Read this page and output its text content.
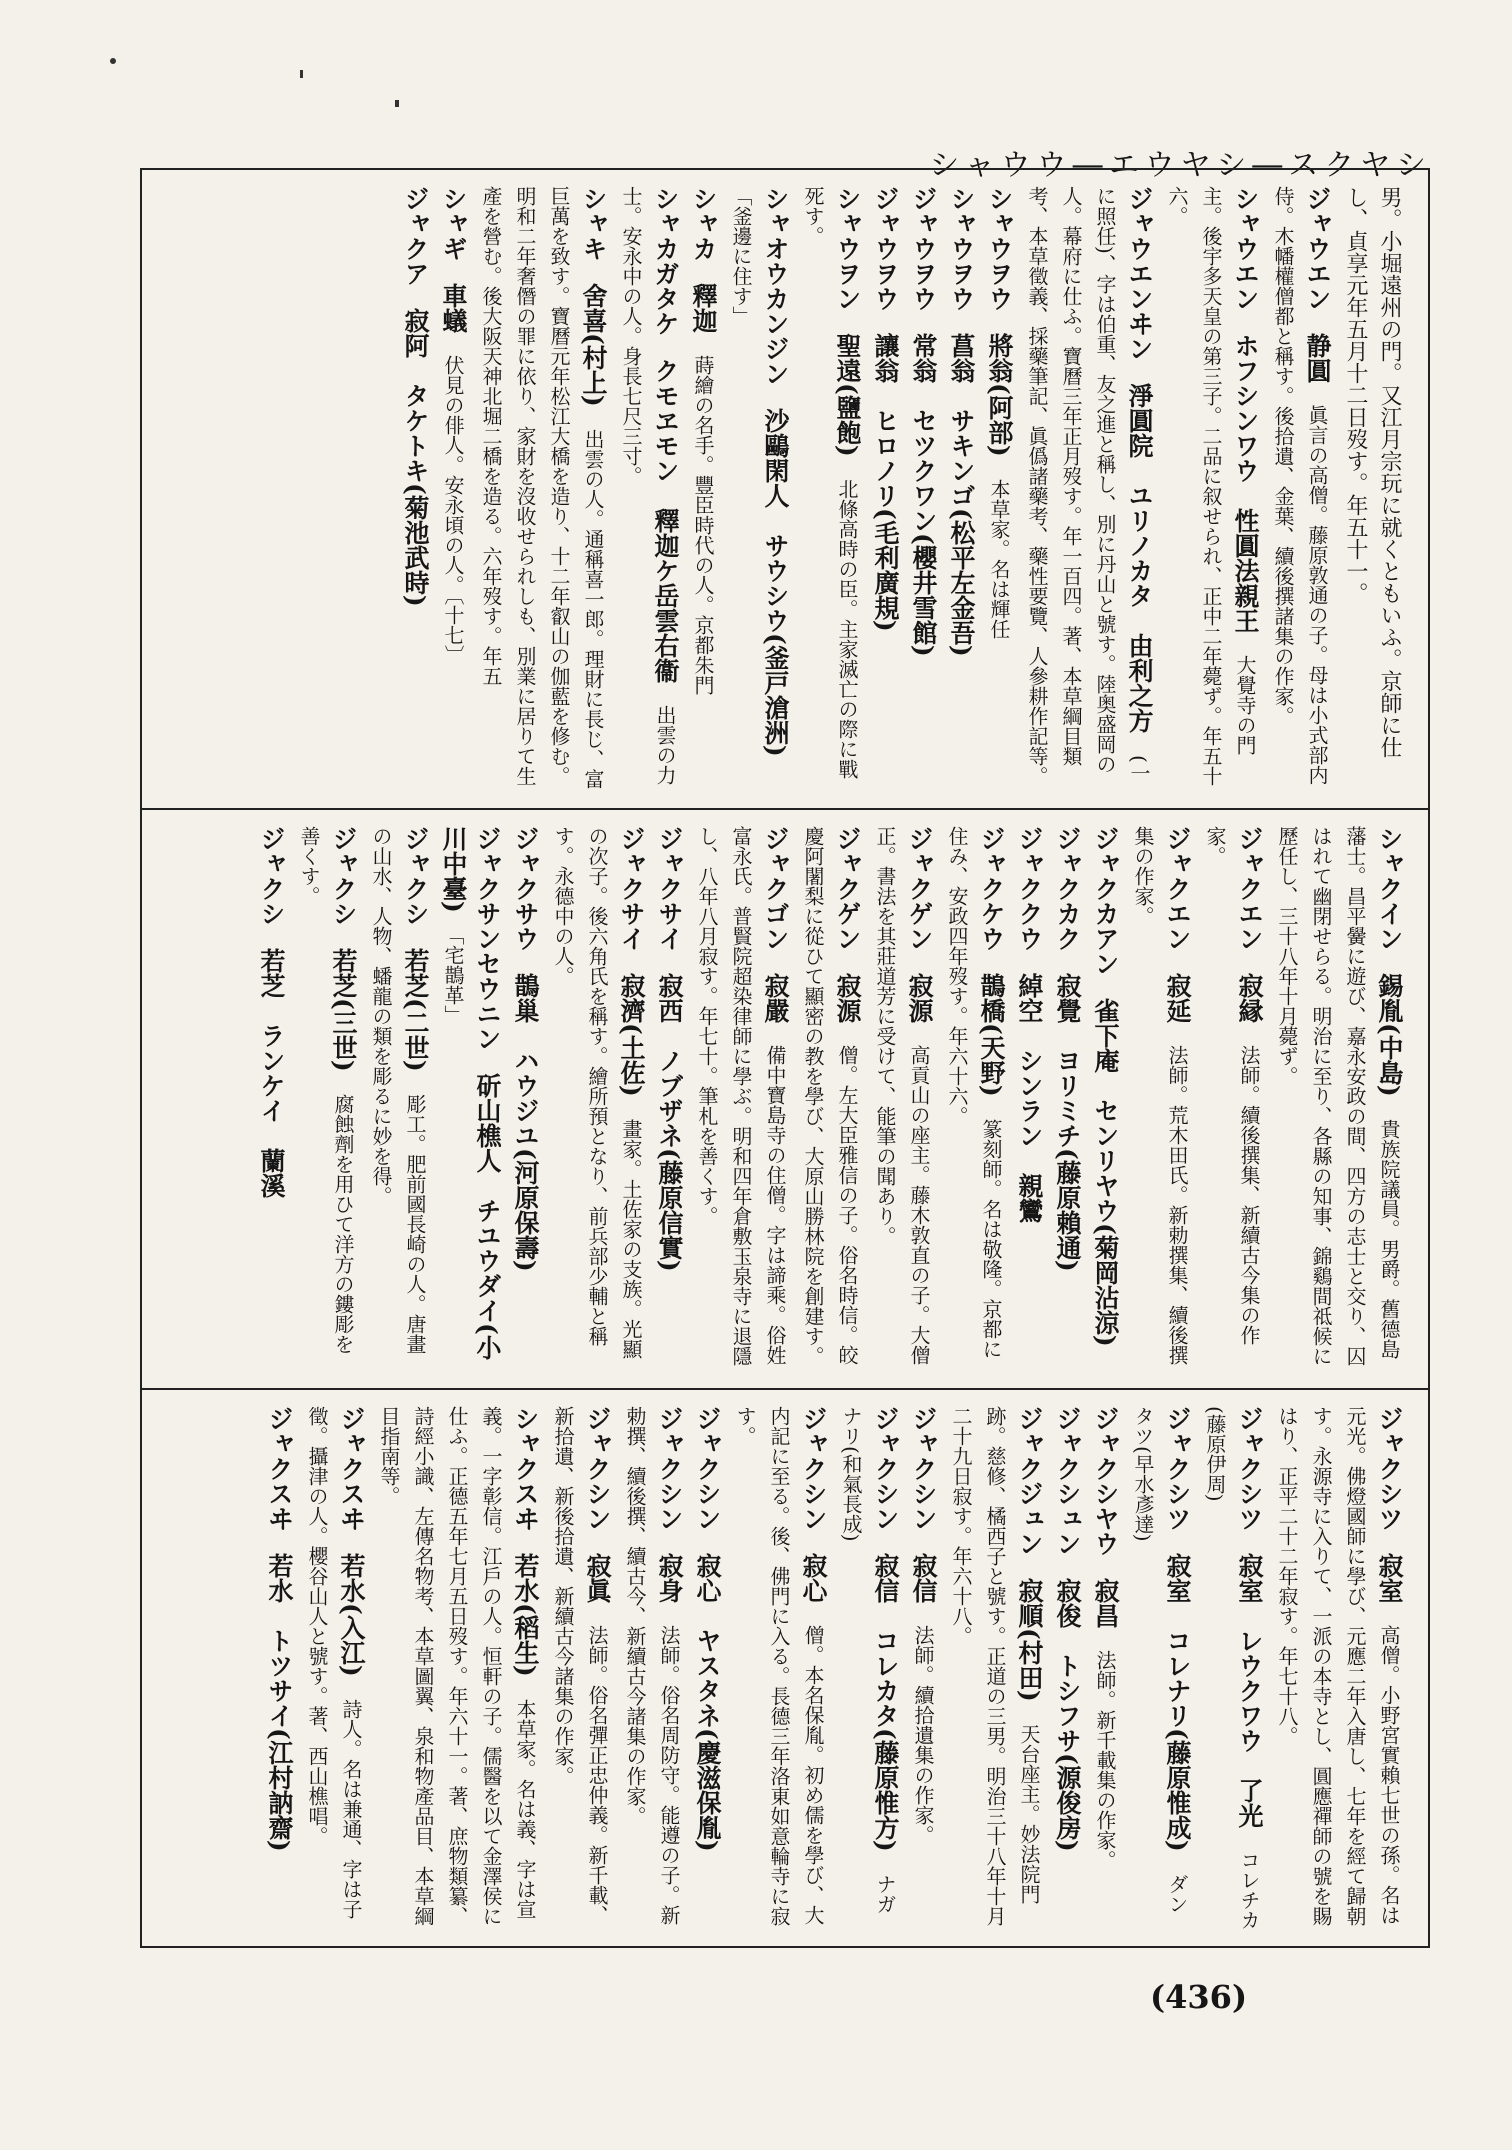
シャウウ―エウヤシ―スクヤシ
男。小堀遠州の門。又江月宗玩に就くともいふ。京師に仕し、貞享元年五月十二日歿す。年五十一。
ジャウエン　静圓　眞言の高僧。藤原敦通の子。母は小式部内侍。木幡權僧都と稱す。後拾遺、金葉、續後撰諸集の作家。
シャウエン　ホフシンワウ　性圓法親王　大覺寺の門主。後宇多天皇の第三子。二品に叙せられ、正中二年薨ず。年五十六。
ジャウエンヰン　淨圓院　ユリノカタ　由利之方　(一に照任)、字は伯重、友之進と稱し、別に丹山と號す。陸奥盛岡の人。幕府に仕ふ。寶曆三年正月歿す。年一百四。著、本草綱目類考、本草徵義、採藥筆記、眞僞諸藥考、藥性要覽、人參耕作記等。
シャウヲウ　將翁(阿部)　本草家。名は輝任
シャウヲウ　菖翁　サキンゴ(松平左金吾)　
ジャウヲウ　常翁　セツクワン(櫻井雪館)　
ジャウヲウ　讓翁　ヒロノリ(毛利廣規)　
シャウヲン　聖遠(鹽飽)　北條高時の臣。主家滅亡の際に戰死す。
シャオウカンジン　沙鷗閑人　サウシウ(釜戸滄洲)　「釜邊に住す」
シャカ　釋迦　蒔繪の名手。豐臣時代の人。京都朱門
シャカガタケ　クモヱモン　釋迦ケ岳雲右衞　出雲の力士。安永中の人。身長七尺三寸。
シャキ　舍喜(村上)　出雲の人。通稱喜一郎。理財に長じ、富巨萬を致す。寶曆元年松江大橋を造り、十二年叡山の伽藍を修む。明和二年奢僭の罪に依り、家財を沒收せられしも、別業に居りて生產を營む。後大阪天神北堀二橋を造る。六年歿す。年五
シャギ　車蟻　伏見の俳人。安永頃の人。〔十七〕
ジャクア　寂阿　タケトキ(菊池武時)　
シャクイン　錫胤(中島)　貴族院議員。男爵。舊德島藩士。昌平黌に遊び、嘉永安政の間、四方の志士と交り、囚はれて幽閉せらる。明治に至り、各縣の知事、錦鷄間祗候に歷任し、三十八年十月薨ず。
ジャクエン　寂縁　法師。續後撰集、新續古今集の作家。
ジャクエン　寂延　法師。荒木田氏。新勅撰集、續後撰集の作家。
ジャクカアン　雀下庵　センリヤウ(菊岡沾涼)　
ジャクカク　寂覺　ヨリミチ(藤原賴通)　
ジャククウ　綽空　シンラン　親鸞　
ジャクケウ　鵲橋(天野)　篆刻師。名は敬隆。京都に住み、安政四年歿す。年六十六。
ジャクゲン　寂源　高貢山の座主。藤木敦直の子。大僧正。書法を其莊道芳に受けて、能筆の聞あり。
ジャクゲン　寂源　僧。左大臣雅信の子。俗名時信。皎慶阿闍梨に從ひて顯密の教を學び、大原山勝林院を創建す。
ジャクゴン　寂嚴　備中寶島寺の住僧。字は諦乘。俗姓富永氏。普賢院超染律師に學ぶ。明和四年倉敷玉泉寺に退隱し、八年八月寂す。年七十。筆札を善くす。
ジャクサイ　寂西　ノブザネ(藤原信實)　
ジャクサイ　寂濟(土佐)　畫家。土佐家の支族。光顯の次子。後六角氏を稱す。繪所預となり、前兵部少輔と稱す。永德中の人。
ジャクサウ　鵲巢　ハウジユ(河原保壽)　
ジャクサンセウニン　斫山樵人　チユウダイ(小川中臺)　「宅鵲革」
ジャクシ　若芝(二世)　彫工。肥前國長崎の人。唐畫の山水、人物、蟠龍の類を彫るに妙を得。
ジャクシ　若芝(三世)　腐蝕劑を用ひて洋方の鏤彫を善くす。
ジャクシ　若芝　ランケイ　蘭溪　
ジャクシツ　寂室　高僧。小野宮實賴七世の孫。名は元光。佛燈國師に學び、元應二年入唐し、七年を經て歸朝す。永源寺に入りて、一派の本寺とし、圓應禪師の號を賜はり、正平二十二年寂す。年七十八。
ジャクシツ　寂室　レウクワウ　了光　コレチカ(藤原伊周)
ジャクシツ　寂室　コレナリ(藤原惟成)　ダンタツ(早水彥達)
ジャクシヤウ　寂昌　法師。新千載集の作家。
ジャクシュン　寂俊　トシフサ(源俊房)　
ジャクジュン　寂順(村田)　天台座主。妙法院門跡。慈修、橘西子と號す。正道の三男。明治三十八年十月二十九日寂す。年六十八。
ジャクシン　寂信　法師。續拾遺集の作家。
ジャクシン　寂信　コレカタ(藤原惟方)　ナガナリ(和氣長成)
ジャクシン　寂心　僧。本名保胤。初め儒を學び、大内記に至る。後、佛門に入る。長德三年洛東如意輪寺に寂す。
ジャクシン　寂心　ヤスタネ(慶滋保胤)　
ジャクシン　寂身　法師。俗名周防守。能遵の子。新勅撰、續後撰、續古今、新續古今諸集の作家。
ジャクシン　寂眞　法師。俗名彈正忠仲義。新千載、新拾遺、新後拾遺、新續古今諸集の作家。
シャクスヰ　若水(稻生)　本草家。名は義、字は宣義。一字彰信。江戶の人。恒軒の子。儒醫を以て金澤侯に仕ふ。正德五年七月五日歿す。年六十一。著、庶物類纂、詩經小識、左傳名物考、本草圖翼、泉和物產品目、本草綱目指南等。
ジャクスヰ　若水(入江)　詩人。名は兼通、字は子徵。攝津の人。櫻谷山人と號す。著、西山樵唱。
ジャクスヰ　若水　トツサイ(江村訥齋)　
(436)
